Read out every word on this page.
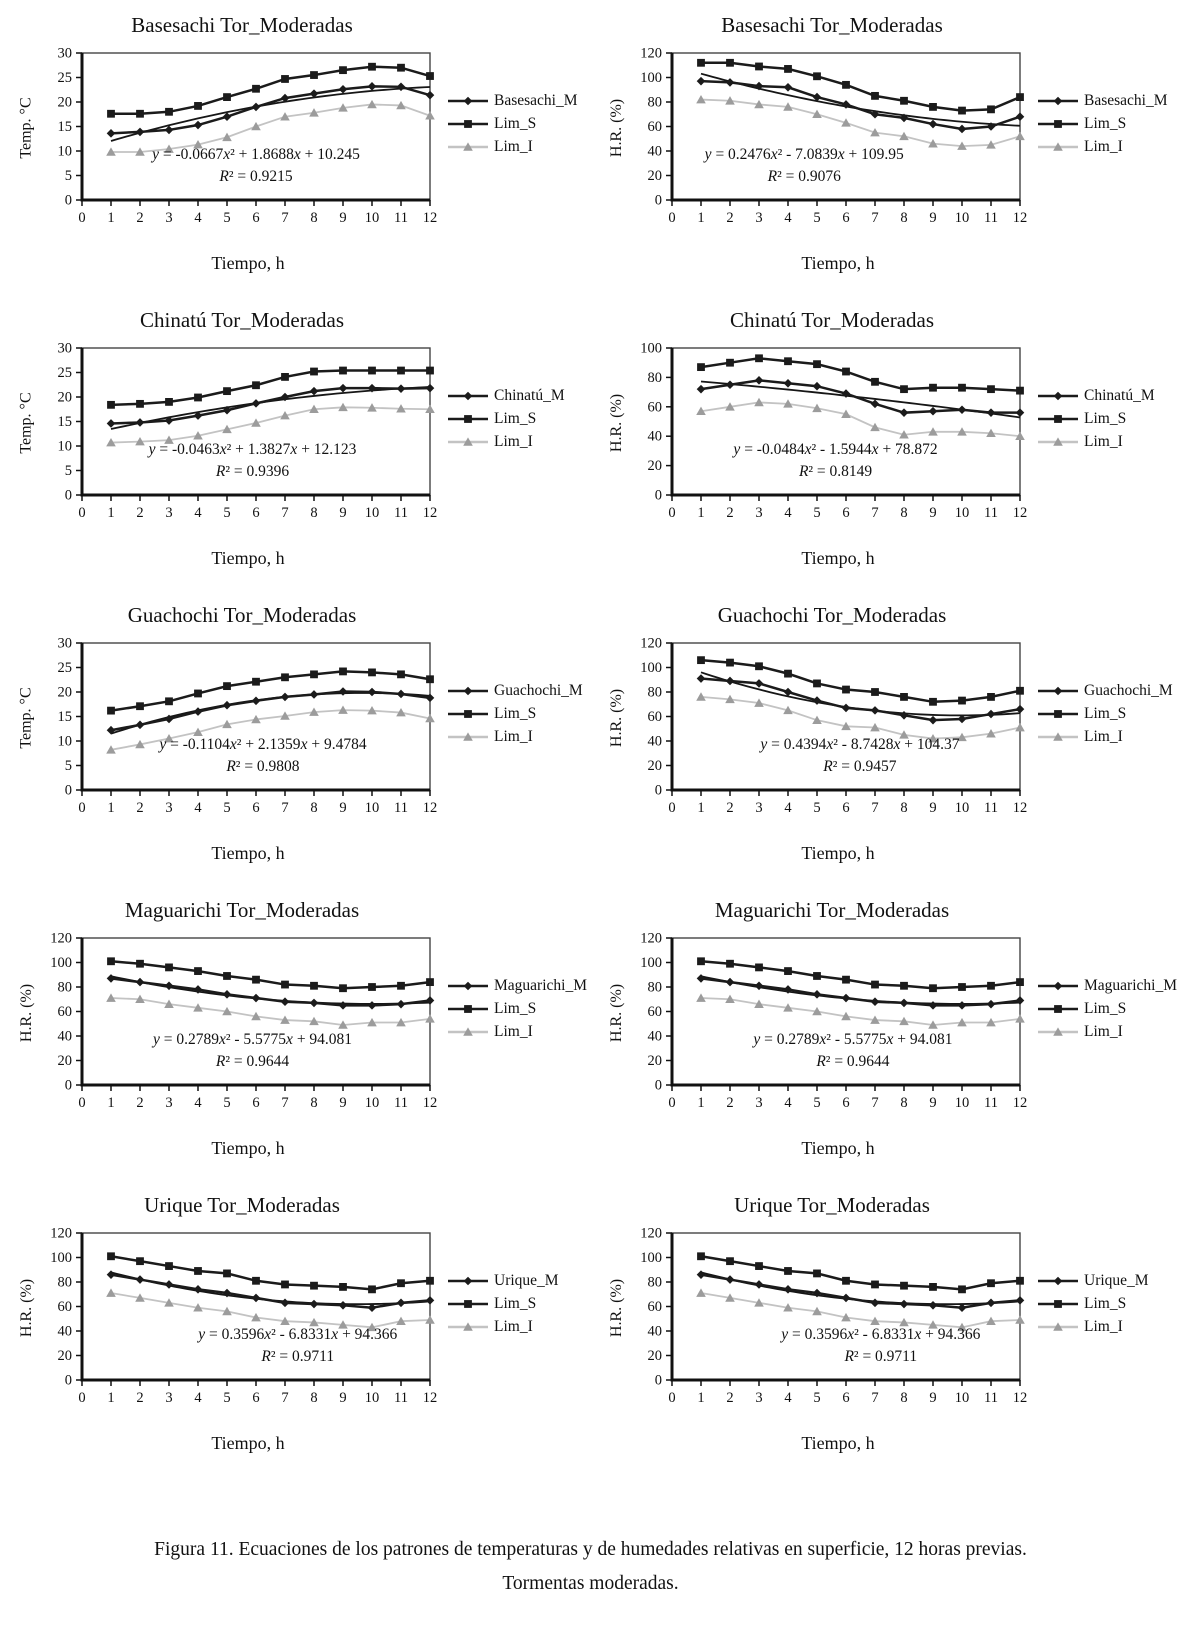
Basesachi Tor_Moderadas
Temp. °C
0
5
10
15
20
25
30
0 1 2 3 4 5 6 7 8 9 10 11 12
y = -0.0667x² + 1.8688x + 10.245
R² = 0.9215
Basesachi_M
Lim_S
Lim_I
Tiempo, h
Basesachi Tor_Moderadas
H.R. (%)
0
20
40
60
80
100
120
0 1 2 3 4 5 6 7 8 9 10 11 12
y = 0.2476x² - 7.0839x + 109.95
R² = 0.9076
Basesachi_M
Lim_S
Lim_I
Tiempo, h
Chinatú Tor_Moderadas
Temp. °C
0
5
10
15
20
25
30
0 1 2 3 4 5 6 7 8 9 10 11 12
y = -0.0463x² + 1.3827x + 12.123
R² = 0.9396
Chinatú_M
Lim_S
Lim_I
Tiempo, h
Chinatú Tor_Moderadas
H.R. (%)
0
20
40
60
80
100
0 1 2 3 4 5 6 7 8 9 10 11 12
y = -0.0484x² - 1.5944x + 78.872
R² = 0.8149
Chinatú_M
Lim_S
Lim_I
Tiempo, h
Guachochi Tor_Moderadas
Temp. °C
0
5
10
15
20
25
30
0 1 2 3 4 5 6 7 8 9 10 11 12
y = -0.1104x² + 2.1359x + 9.4784
R² = 0.9808
Guachochi_M
Lim_S
Lim_I
Tiempo, h
Guachochi Tor_Moderadas
H.R. (%)
0
20
40
60
80
100
120
0 1 2 3 4 5 6 7 8 9 10 11 12
y = 0.4394x² - 8.7428x + 104.37
R² = 0.9457
Guachochi_M
Lim_S
Lim_I
Tiempo, h
Maguarichi Tor_Moderadas
H.R. (%)
0
20
40
60
80
100
120
0 1 2 3 4 5 6 7 8 9 10 11 12
y = 0.2789x² - 5.5775x + 94.081
R² = 0.9644
Maguarichi_M
Lim_S
Lim_I
Tiempo, h
Maguarichi Tor_Moderadas
H.R. (%)
0
20
40
60
80
100
120
0 1 2 3 4 5 6 7 8 9 10 11 12
y = 0.2789x² - 5.5775x + 94.081
R² = 0.9644
Maguarichi_M
Lim_S
Lim_I
Tiempo, h
Urique Tor_Moderadas
H.R. (%)
0
20
40
60
80
100
120
0 1 2 3 4 5 6 7 8 9 10 11 12
y = 0.3596x² - 6.8331x + 94.366
R² = 0.9711
Urique_M
Lim_S
Lim_I
Tiempo, h
Urique Tor_Moderadas
H.R. (%)
0
20
40
60
80
100
120
0 1 2 3 4 5 6 7 8 9 10 11 12
y = 0.3596x² - 6.8331x + 94.366
R² = 0.9711
Urique_M
Lim_S
Lim_I
Tiempo, h
Figura 11. Ecuaciones de los patrones de temperaturas y de humedades relativas en superficie, 12 horas previas.
Tormentas moderadas.
